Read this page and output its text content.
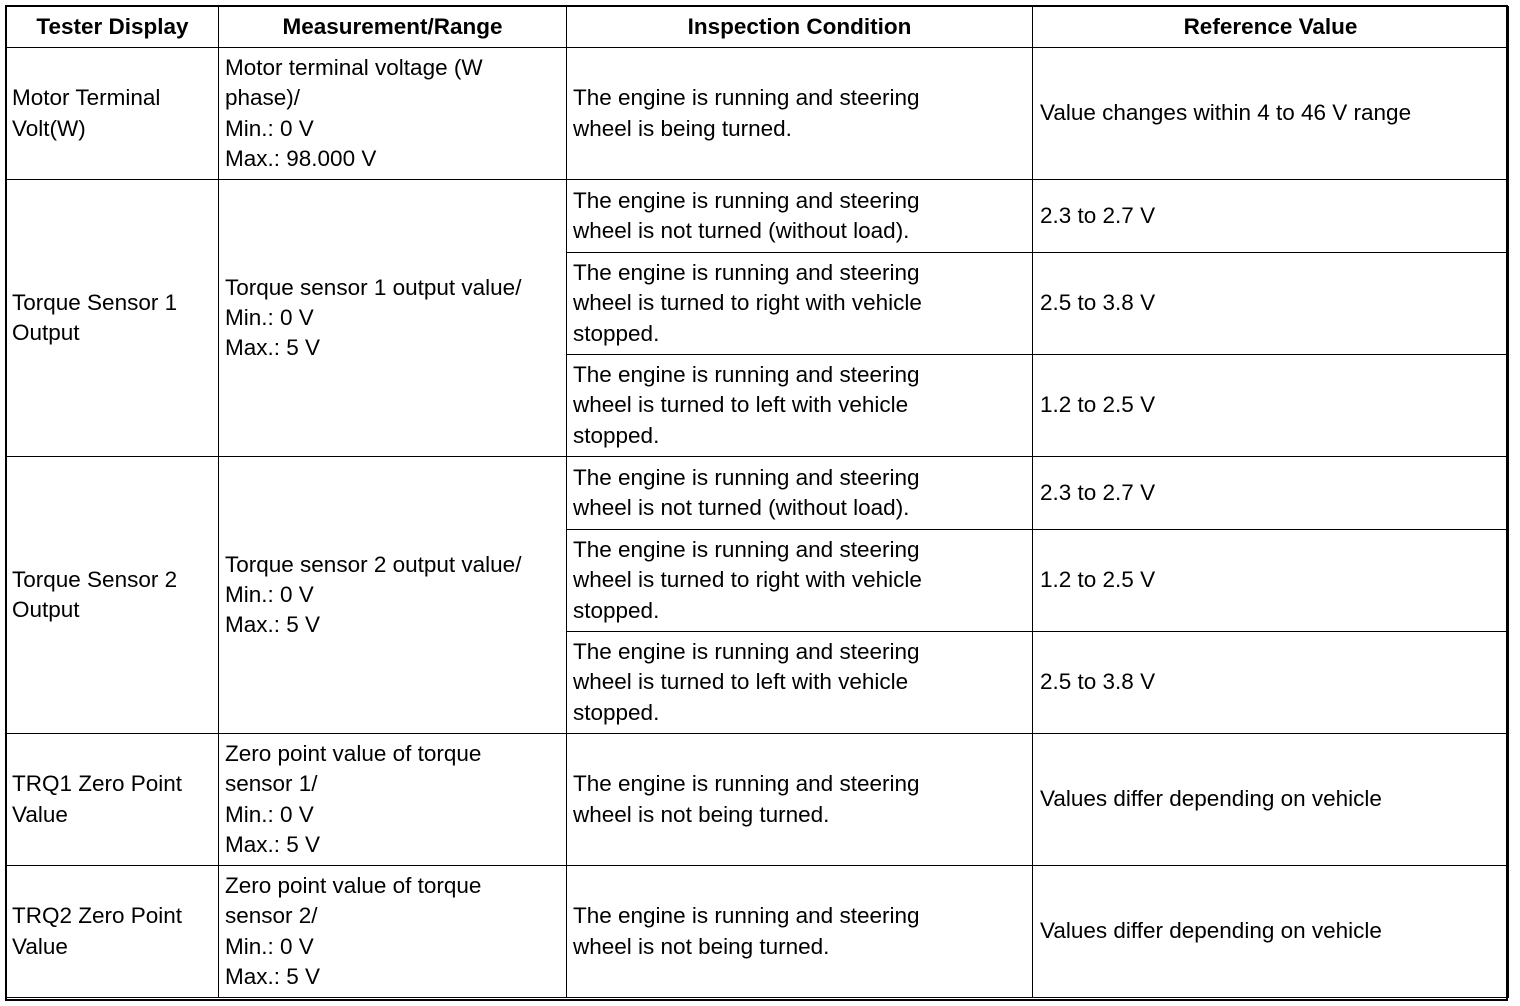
Tester Display	Measurement/Range	Inspection Condition	Reference Value

Motor Terminal
Volt(W)	Motor terminal voltage (W
phase)/
Min.: 0 V
Max.: 98.000 V	The engine is running and steering
wheel is being turned.	Value changes within 4 to 46 V range

Torque Sensor 1
Output	Torque sensor 1 output value/
Min.: 0 V
Max.: 5 V	The engine is running and steering
wheel is not turned (without load).	2.3 to 2.7 V

		The engine is running and steering
wheel is turned to right with vehicle
stopped.	2.5 to 3.8 V

		The engine is running and steering
wheel is turned to left with vehicle
stopped.	1.2 to 2.5 V

Torque Sensor 2
Output	Torque sensor 2 output value/
Min.: 0 V
Max.: 5 V	The engine is running and steering
wheel is not turned (without load).	2.3 to 2.7 V

		The engine is running and steering
wheel is turned to right with vehicle
stopped.	1.2 to 2.5 V

		The engine is running and steering
wheel is turned to left with vehicle
stopped.	2.5 to 3.8 V

TRQ1 Zero Point
Value	Zero point value of torque
sensor 1/
Min.: 0 V
Max.: 5 V	The engine is running and steering
wheel is not being turned.	Values differ depending on vehicle

TRQ2 Zero Point
Value	Zero point value of torque
sensor 2/
Min.: 0 V
Max.: 5 V	The engine is running and steering
wheel is not being turned.	Values differ depending on vehicle
